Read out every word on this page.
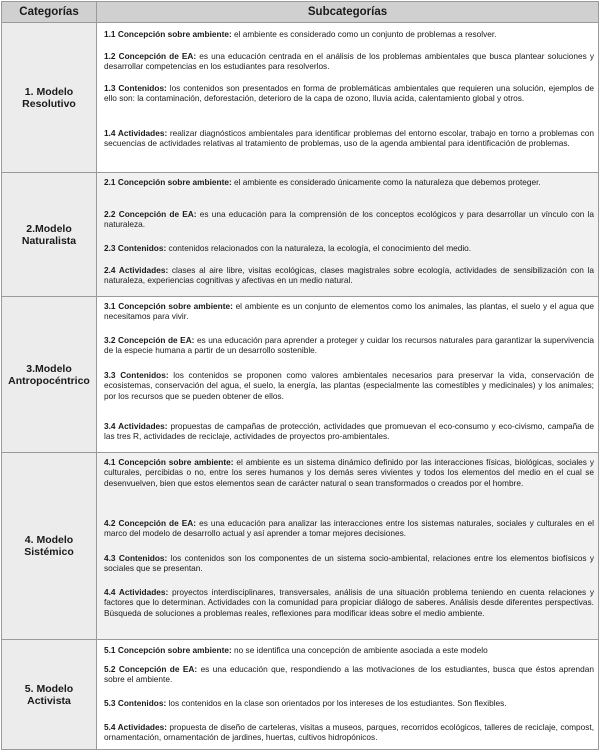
Categorías	Subcategorías
1. Modelo Resolutivo
1.1 Concepción sobre ambiente: el ambiente es considerado como un conjunto de problemas a resolver.
1.2 Concepción de EA: es una educación centrada en el análisis de los problemas ambientales que busca plantear soluciones y desarrollar competencias en los estudiantes para resolverlos.
1.3 Contenidos: los contenidos son presentados en forma de problemáticas ambientales que requieren una solución, ejemplos de ello son: la contaminación, deforestación, deterioro de la capa de ozono, lluvia acida, calentamiento global y otros.
1.4 Actividades: realizar diagnósticos ambientales para identificar problemas del entorno escolar, trabajo en torno a problemas con secuencias de actividades relativas al tratamiento de problemas, uso de la agenda ambiental para identificación de problemas.
2.Modelo Naturalista
2.1 Concepción sobre ambiente: el ambiente es considerado únicamente como la naturaleza que debemos proteger.
2.2 Concepción de EA: es una educación para la comprensión de los conceptos ecológicos y para desarrollar un vínculo con la naturaleza.
2.3 Contenidos: contenidos relacionados con la naturaleza, la ecología, el conocimiento del medio.
2.4 Actividades: clases al aire libre, visitas ecológicas, clases magistrales sobre ecología, actividades de sensibilización con la naturaleza, experiencias cognitivas y afectivas en un medio natural.
3.Modelo Antropocéntrico
3.1 Concepción sobre ambiente: el ambiente es un conjunto de elementos como los animales, las plantas, el suelo y el agua que necesitamos para vivir.
3.2 Concepción de EA: es una educación para aprender a proteger y cuidar los recursos naturales para garantizar la supervivencia de la especie humana a partir de un desarrollo sostenible.
3.3 Contenidos: los contenidos se proponen como valores ambientales necesarios para preservar la vida, conservación de ecosistemas, conservación del agua, el suelo, la energía, las plantas (especialmente las comestibles y medicinales) y los animales; por los recursos que se pueden obtener de ellos.
3.4 Actividades: propuestas de campañas de protección, actividades que promuevan el eco-consumo y eco-civismo, campaña de las tres R, actividades de reciclaje, actividades de proyectos pro-ambientales.
4. Modelo Sistémico
4.1 Concepción sobre ambiente: el ambiente es un sistema dinámico definido por las interacciones físicas, biológicas, sociales y culturales, percibidas o no, entre los seres humanos y los demás seres vivientes y todos los elementos del medio en el cual se desenvuelven, bien que estos elementos sean de carácter natural o sean transformados o creados por el hombre.
4.2 Concepción de EA: es una educación para analizar las interacciones entre los sistemas naturales, sociales y culturales en el marco del modelo de desarrollo actual y así aprender a tomar mejores decisiones.
4.3 Contenidos: los contenidos son los componentes de un sistema socio-ambiental, relaciones entre los elementos biofísicos y sociales que se presentan.
4.4 Actividades: proyectos interdisciplinares, transversales, análisis de una situación problema teniendo en cuenta relaciones y factores que lo determinan. Actividades con la comunidad para propiciar diálogo de saberes. Análisis desde diferentes perspectivas. Búsqueda de soluciones a problemas reales, reflexiones para modificar ideas sobre el medio ambiente.
5. Modelo Activista
5.1 Concepción sobre ambiente: no se identifica una concepción de ambiente asociada a este modelo
5.2 Concepción de EA: es una educación que, respondiendo a las motivaciones de los estudiantes, busca que éstos aprendan sobre el ambiente.
5.3 Contenidos: los contenidos en la clase son orientados por los intereses de los estudiantes. Son flexibles.
5.4 Actividades: propuesta de diseño de carteleras, visitas a museos, parques, recorridos ecológicos, talleres de reciclaje, compost, ornamentación, ornamentación de jardines, huertas, cultivos hidropónicos.
